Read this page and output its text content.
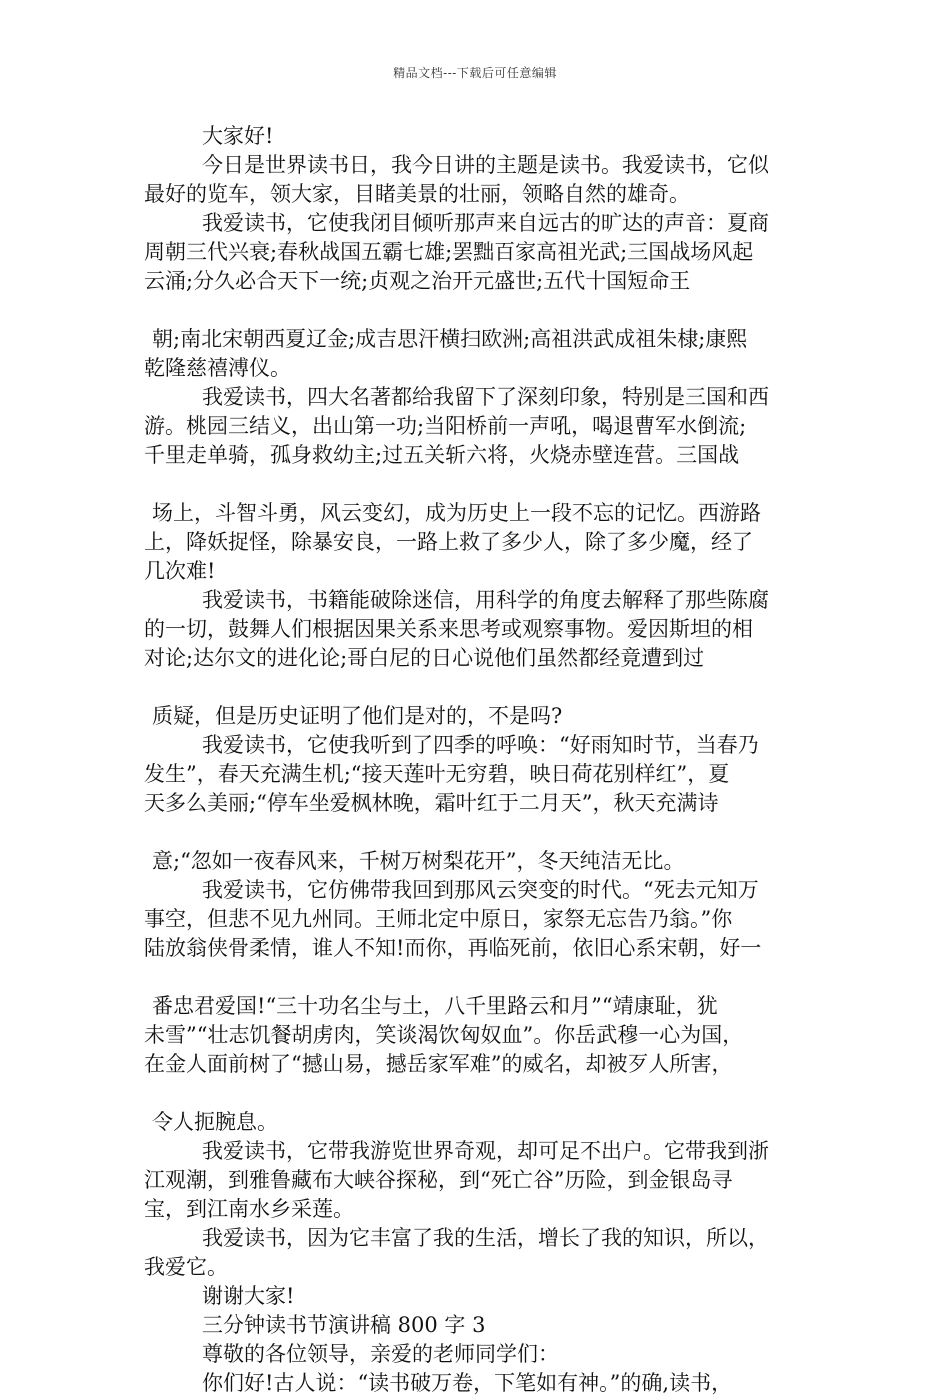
精品文档---下载后可任意编辑
大家好!
今日是世界读书日，我今日讲的主题是读书。我爱读书，它似
最好的览车，领大家，目睹美景的壮丽，领略自然的雄奇。
我爱读书，它使我闭目倾听那声来自远古的旷达的声音：夏商
周朝三代兴衰;春秋战国五霸七雄;罢黜百家高祖光武;三国战场风起
云涌;分久必合天下一统;贞观之治开元盛世;五代十国短命王
朝;南北宋朝西夏辽金;成吉思汗横扫欧洲;高祖洪武成祖朱棣;康熙
乾隆慈禧溥仪。
我爱读书，四大名著都给我留下了深刻印象，特别是三国和西
游。桃园三结义，出山第一功;当阳桥前一声吼，喝退曹军水倒流;
千里走单骑，孤身救幼主;过五关斩六将，火烧赤壁连营。三国战
场上，斗智斗勇，风云变幻，成为历史上一段不忘的记忆。西游路
上，降妖捉怪，除暴安良，一路上救了多少人，除了多少魔，经了
几次难!
我爱读书，书籍能破除迷信，用科学的角度去解释了那些陈腐
的一切，鼓舞人们根据因果关系来思考或观察事物。爱因斯坦的相
对论;达尔文的进化论;哥白尼的日心说他们虽然都经竟遭到过
质疑，但是历史证明了他们是对的，不是吗?
我爱读书，它使我听到了四季的呼唤：“好雨知时节，当春乃
发生”，春天充满生机;“接天莲叶无穷碧，映日荷花别样红”，夏
天多么美丽;“停车坐爱枫林晚，霜叶红于二月天”，秋天充满诗
意;“忽如一夜春风来，千树万树梨花开”，冬天纯洁无比。
我爱读书，它仿佛带我回到那风云突变的时代。“死去元知万
事空，但悲不见九州同。王师北定中原日，家祭无忘告乃翁。”你
陆放翁侠骨柔情，谁人不知!而你，再临死前，依旧心系宋朝，好一
番忠君爱国!“三十功名尘与土，八千里路云和月”“靖康耻，犹
未雪”“壮志饥餐胡虏肉，笑谈渴饮匈奴血”。你岳武穆一心为国，
在金人面前树了“撼山易，撼岳家军难”的威名，却被歹人所害，
令人扼腕息。
我爱读书，它带我游览世界奇观，却可足不出户。它带我到浙
江观潮，到雅鲁藏布大峡谷探秘，到“死亡谷”历险，到金银岛寻
宝，到江南水乡采莲。
我爱读书，因为它丰富了我的生活，增长了我的知识，所以，
我爱它。
谢谢大家!
三分钟读书节演讲稿 800 字 3
尊敬的各位领导，亲爱的老师同学们：
你们好!古人说：“读书破万卷，下笔如有神。”的确,读书，
